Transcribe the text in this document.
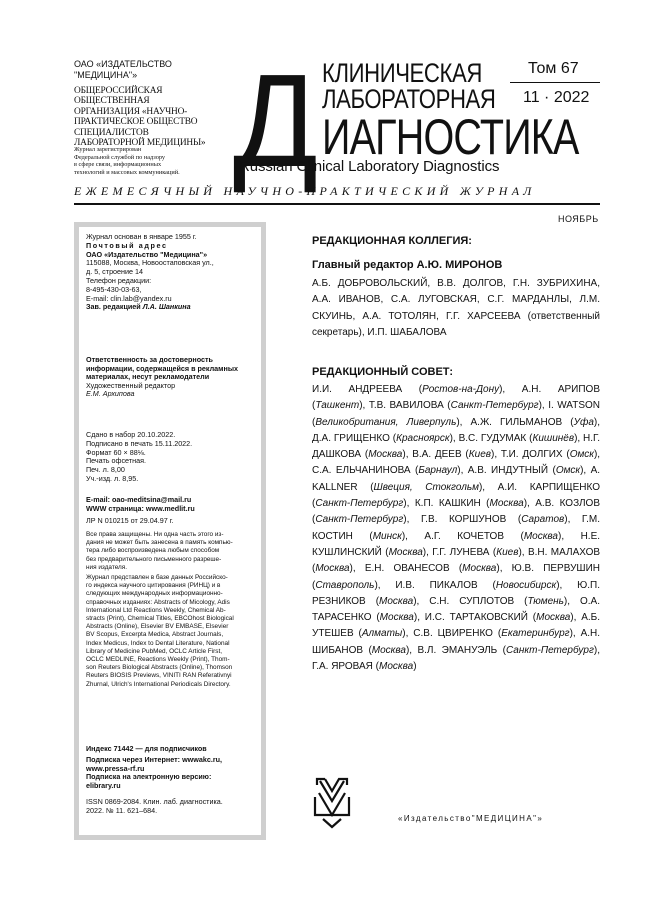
ОАО «ИЗДАТЕЛЬСТВО
"МЕДИЦИНА"»
ОБЩЕРОССИЙСКАЯ
ОБЩЕСТВЕННАЯ
ОРГАНИЗАЦИЯ «НАУЧНО-
ПРАКТИЧЕСКОЕ ОБЩЕСТВО
СПЕЦИАЛИСТОВ
ЛАБОРАТОРНОЙ МЕДИЦИНЫ»
Журнал зарегистрирован
Федеральной службой по надзору
в сфере связи, информационных
технологий и массовых коммуникаций. Д КЛИНИЧЕСКАЯ
ЛАБОРАТОРНАЯ
ИАГНОСТИКА
Russian Clinical Laboratory Diagnostics
Том 67
11 · 2022
ЕЖЕМЕСЯЧНЫЙ НАУЧНО-ПРАКТИЧЕСКИЙ ЖУРНАЛ
НОЯБРЬ
Журнал основан в январе 1955 г.
Почтовый адрес
ОАО «Издательство "Медицина"»
115088, Москва, Новоостаповская ул.,
д. 5, строение 14
Телефон редакции:
8-495-430-03-63,
E-mail: clin.lab@yandex.ru
Зав. редакцией Л.А. Шанкина
Ответственность за достоверность
информации, содержащейся в рекламных
материалах, несут рекламодатели
Художественный редактор
Е.М. Архипова
Сдано в набор 20.10.2022.
Подписано в печать 15.11.2022.
Формат 60 × 88⅛.
Печать офсетная.
Печ. л. 8,00
Уч.-изд. л. 8,95.
E-mail: oao-meditsina@mail.ru
WWW страница: www.medlit.ru
ЛР N 010215 от 29.04.97 г.
Все права защищены. Ни одна часть этого из-
дания не может быть занесена в память компью-
тера либо воспроизведена любым способом
без предварительного письменного разреше-
ния издателя.
Журнал представлен в базе данных Российско-
го индекса научного цитирования (РИНЦ) и в
следующих международных информационно-
справочных изданиях: Abstracts of Micology, Adis
International Ltd Reactions Weekly, Chemical Ab-
stracts (Print), Chemical Titles, EBCOhost Biological
Abstracts (Online), Elsevier BV EMBASE, Elsevier
BV Scopus, Excerpta Medica, Abstract Journals,
Index Medicus, Index to Dental Literature, National
Library of Medicine PubMed, OCLC Article First,
OCLC MEDLINE, Reactions Weekly (Print), Thom-
son Reuters Biological Abstracts (Online), Thomson
Reuters BIOSIS Previews, VINITI RAN Referativnyi
Zhurnal, Ulrich's International Periodicals Directory.
Индекс 71442 — для подписчиков
Подписка через Интернет: wwwakc.ru,
www.pressa-rf.ru
Подписка на электронную версию:
elibrary.ru
ISSN 0869-2084. Клин. лаб. диагностика.
2022. № 11. 621–684.
РЕДАКЦИОННАЯ КОЛЛЕГИЯ:
Главный редактор А.Ю. МИРОНОВ
А.Б. ДОБРОВОЛЬСКИЙ, В.В. ДОЛГОВ, Г.Н. ЗУБРИХИНА, А.А. ИВАНОВ, С.А. ЛУГОВСКАЯ, С.Г. МАРДАНЛЫ, Л.М. СКУИНЬ, А.А. ТОТОЛЯН, Г.Г. ХАРСЕЕВА (ответственный секретарь), И.П. ШАБАЛОВА
РЕДАКЦИОННЫЙ СОВЕТ:
И.И. АНДРЕЕВА (Ростов-на-Дону), А.Н. АРИПОВ (Ташкент), Т.В. ВАВИЛОВА (Санкт-Петербург), I. WATSON (Великобритания, Ливерпуль), А.Ж. ГИЛЬМАНОВ (Уфа), Д.А. ГРИЩЕНКО (Красноярск), В.С. ГУДУМАК (Кишинёв), Н.Г. ДАШКОВА (Москва), В.А. ДЕЕВ (Киев), Т.И. ДОЛГИХ (Омск), С.А. ЕЛЬЧАНИНОВА (Барнаул), А.В. ИНДУТНЫЙ (Омск), A. KALLNER (Швеция, Стокгольм), А.И. КАРПИЩЕНКО (Санкт-Петербург), К.П. КАШКИН (Москва), А.В. КОЗЛОВ (Санкт-Петербург), Г.В. КОРШУНОВ (Саратов), Г.М. КОСТИН (Минск), А.Г. КОЧЕТОВ (Москва), Н.Е. КУШЛИНСКИЙ (Москва), Г.Г. ЛУНЕВА (Киев), В.Н. МАЛАХОВ (Москва), Е.Н. ОВАНЕСОВ (Москва), Ю.В. ПЕРВУШИН (Ставрополь), И.В. ПИКАЛОВ (Новосибирск), Ю.П. РЕЗНИКОВ (Москва), С.Н. СУПЛОТОВ (Тюмень), О.А. ТАРАСЕНКО (Москва), И.С. ТАРТАКОВСКИЙ (Москва), А.Б. УТЕШЕВ (Алматы), С.В. ЦВИРЕНКО (Екатеринбург), А.Н. ШИБАНОВ (Москва), В.Л. ЭМАНУЭЛЬ (Санкт-Петербург), Г.А. ЯРОВАЯ (Москва)
«Издательство"МЕДИЦИНА"»
